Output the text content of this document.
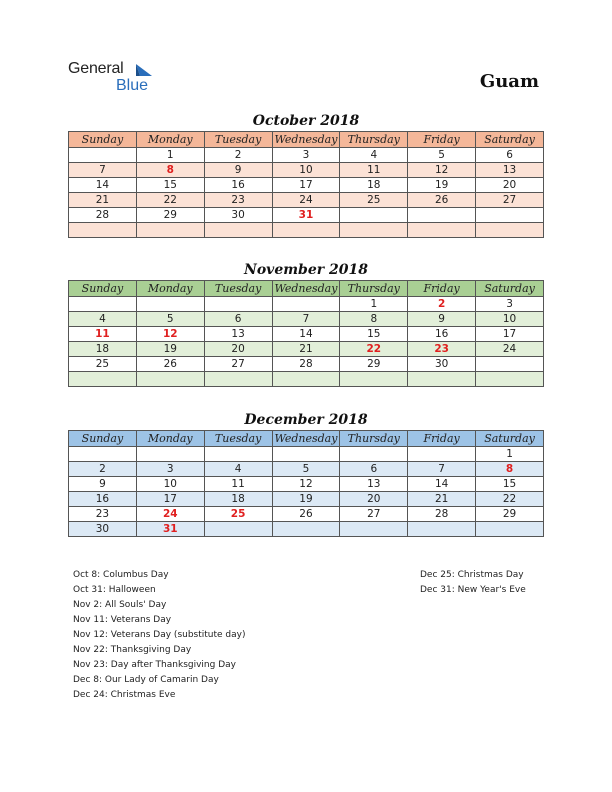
General
Blue	Guam
October 2018
Sunday	Monday	Tuesday	Wednesday	Thursday	Friday	Saturday
	1	2	3	4	5	6
7	8	9	10	11	12	13
14	15	16	17	18	19	20
21	22	23	24	25	26	27
28	29	30	31			

November 2018
Sunday	Monday	Tuesday	Wednesday	Thursday	Friday	Saturday
				1	2	3
4	5	6	7	8	9	10
11	12	13	14	15	16	17
18	19	20	21	22	23	24
25	26	27	28	29	30	

December 2018
Sunday	Monday	Tuesday	Wednesday	Thursday	Friday	Saturday
						1
2	3	4	5	6	7	8
9	10	11	12	13	14	15
16	17	18	19	20	21	22
23	24	25	26	27	28	29
30	31					
Oct 8: Columbus Day
Oct 31: Halloween
Nov 2: All Souls' Day
Nov 11: Veterans Day
Nov 12: Veterans Day (substitute day)
Nov 22: Thanksgiving Day
Nov 23: Day after Thanksgiving Day
Dec 8: Our Lady of Camarin Day
Dec 24: Christmas Eve
Dec 25: Christmas Day
Dec 31: New Year's Eve
